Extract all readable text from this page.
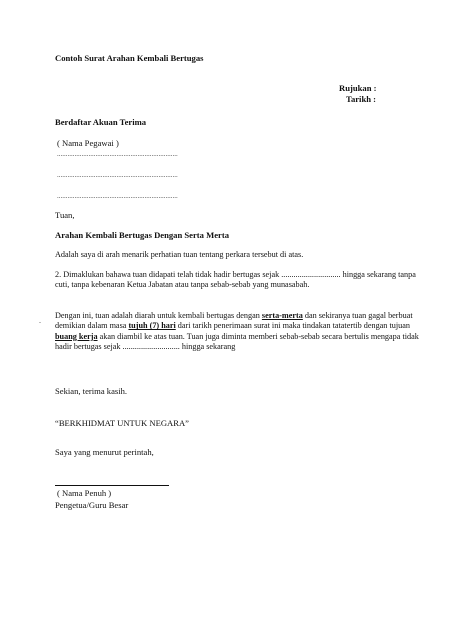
Contoh Surat Arahan Kembali Bertugas
Rujukan :
Tarikh :
Berdaftar Akuan Terima
( Nama Pegawai )
.....................................................................
.....................................................................
.....................................................................
Tuan,
Arahan Kembali Bertugas Dengan Serta Merta
Adalah saya di arah menarik perhatian tuan tentang perkara tersebut di atas.
2. Dimaklukan bahawa tuan didapati telah tidak hadir bertugas sejak ............................. hingga sekarang tanpa cuti, tanpa kebenaran Ketua Jabatan atau tanpa sebab-sebab yang munasabah.
.
Dengan ini, tuan adalah diarah untuk kembali bertugas dengan serta-merta dan sekiranya tuan gagal berbuat demikian dalam masa tujuh (7) hari dari tarikh penerimaan surat ini maka tindakan tatatertib dengan tujuan buang kerja akan diambil ke atas tuan. Tuan juga diminta memberi sebab-sebab secara bertulis mengapa tidak hadir bertugas sejak ............................ hingga sekarang
Sekian, terima kasih.
“BERKHIDMAT UNTUK NEGARA”
Saya yang menurut perintah,
( Nama Penuh )
Pengetua/Guru Besar
